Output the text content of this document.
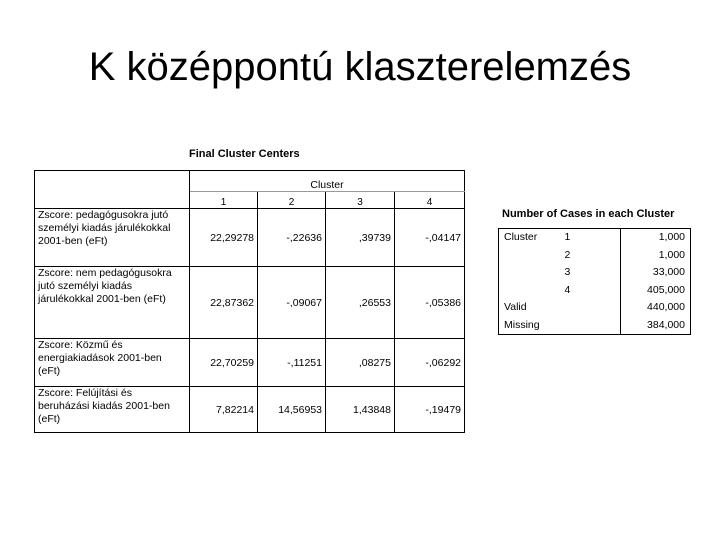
K középpontú klaszterelemzés
Final Cluster Centers
	Cluster			
	1	2	3	4
Zscore: pedagógusokra jutó személyi kiadás járulékokkal 2001-ben (eFt)	22,29278	-,22636	,39739	-,04147
Zscore: nem pedagógusokra jutó személyi kiadás járulékokkal 2001-ben (eFt)	22,87362	-,09067	,26553	-,05386
Zscore: Közmű és energiakiadások 2001-ben (eFt)	22,70259	-,11251	,08275	-,06292
Zscore: Felújítási és beruházási kiadás 2001-ben (eFt)	7,82214	14,56953	1,43848	-,19479
Number of Cases in each Cluster
Cluster	1	1,000
	2	1,000
	3	33,000
	4	405,000
Valid		440,000
Missing		384,000
